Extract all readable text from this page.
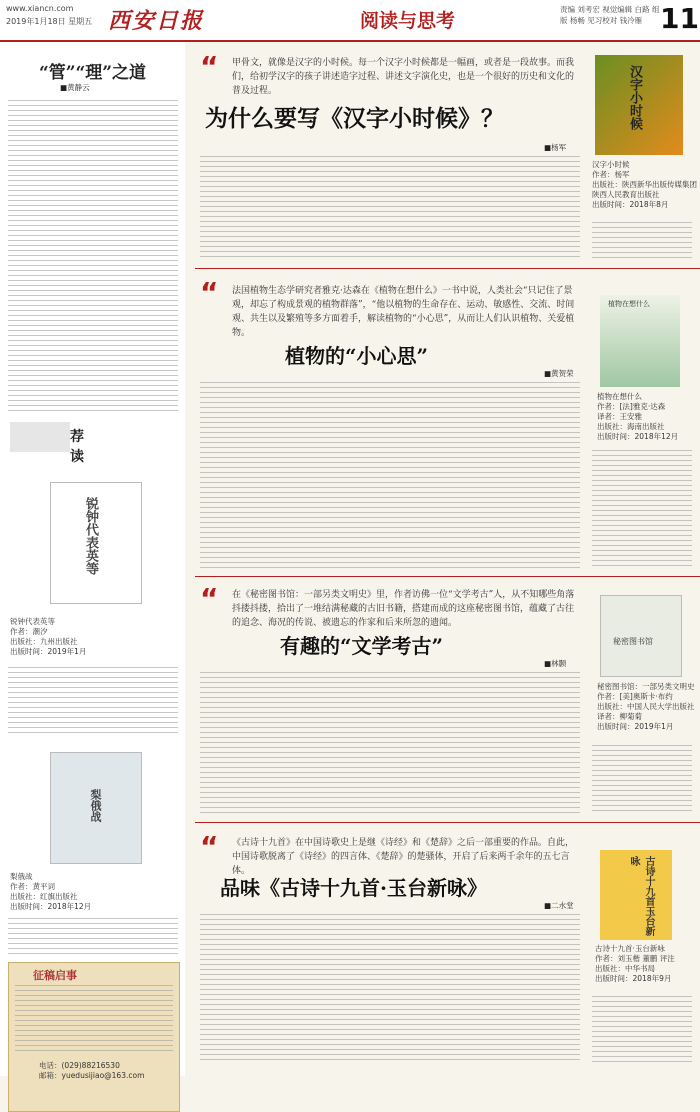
www.xiancn.com
2019年1月18日 星期五 西安日报	阅读与思考
责编 刘考宏 视觉编辑 白路 组版 杨畅 见习校对 钱冷雁 11
“管”“理”之道
■黄静云
荐读
锐钟代表英等
锐钟代表英等
作者：潮汐
出版社：九州出版社
出版时间：2019年1月
梨俄战
梨俄战
作者：黄平词
出版社：红旗出版社
出版时间：2018年12月
征稿启事
电话：(029)88216530
邮箱：yuedusijiao@163.com
“ 甲骨文，就像是汉字的小时候。每一个汉字小时候都是一幅画，或者是一段故事。而我们，给初学汉字的孩子讲述造字过程、讲述文字演化史，也是一个很好的历史和文化的普及过程。
为什么要写《汉字小时候》？
■杨军
汉字小时候
汉字小时候
作者：杨军
出版社：陕西新华出版传媒集团
陕西人民教育出版社
出版时间：2018年8月
“ 法国植物生态学研究者雅克·达森在《植物在想什么》一书中说，人类社会“只记住了景观，却忘了构成景观的植物群落”，“他以植物的生命存在、运动、敏感性、交流、时间观、共生以及繁殖等多方面着手，解读植物的“小心思”，从而让人们认识植物、关爱植物。
植物的“小心思”
■黄贺荣
植物在想什么
植物在想什么
作者：[法]雅克·达森
译者：王安雅
出版社：海南出版社
出版时间：2018年12月
“ 在《秘密图书馆：一部另类文明史》里，作者访佛一位“文学考古”人，从不知哪些角落抖搂抖搂，拾出了一堆结满秘藏的古旧书籍，搭建而成的这座秘密图书馆，蕴藏了古往的追念、海况的传说、被遗忘的作家和后来所忽的遗闻。
有趣的“文学考古”
■林颢
秘密图书馆
秘密图书馆：一部另类文明史
作者：[美]奥斯卡·布约
出版社：中国人民大学出版社
译者：柳菊菊
出版时间：2019年1月
“ 《古诗十九首》在中国诗歌史上是继《诗经》和《楚辞》之后一部重要的作品。自此，中国诗歌脱离了《诗经》的四言体、《楚辞》的楚骚体，开启了后来两千余年的五七言体。
品味《古诗十九首·玉台新咏》
■二水堂	古诗十九首玉台新咏
古诗十九首·玉台新咏
作者：刘玉楷 董鹏 评注
出版社：中华书局
出版时间：2018年9月
